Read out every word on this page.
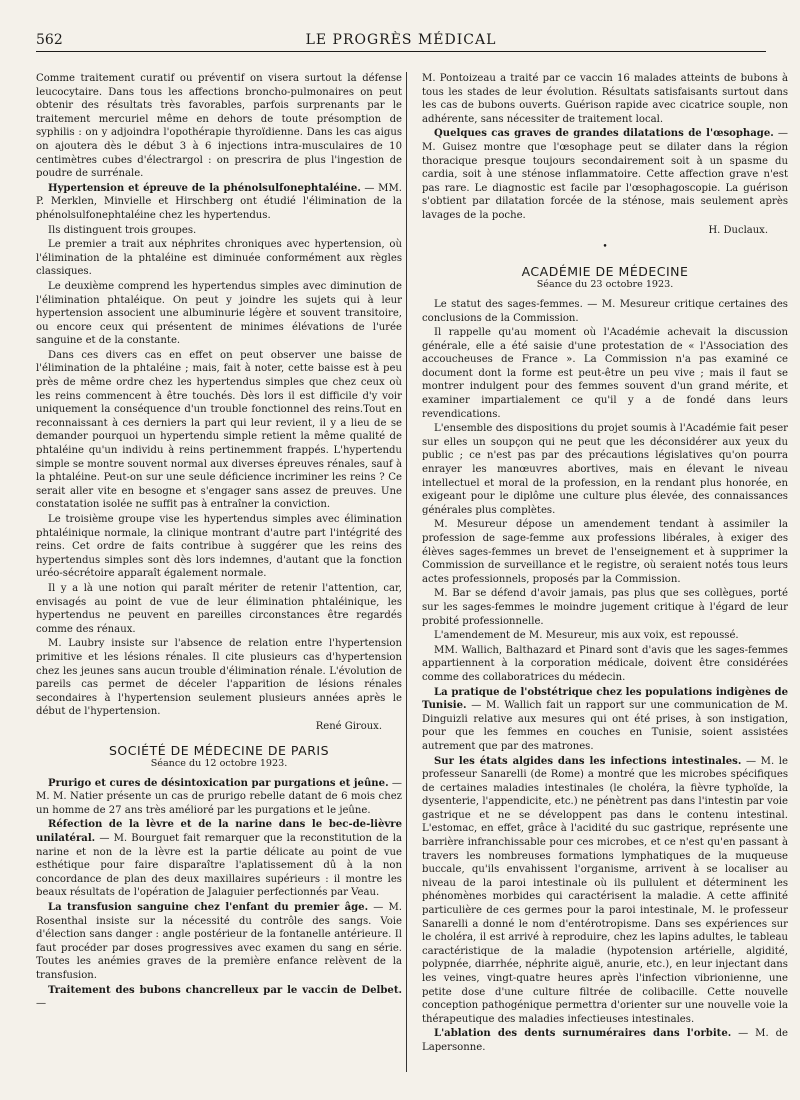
562	LE PROGRÈS MÉDICAL

Comme traitement curatif ou préventif on visera surtout la défense leucocytaire. Dans tous les affections broncho-pulmonaires on peut obtenir des résultats très favorables, parfois surprenants par le traitement mercuriel même en dehors de toute présomption de syphilis : on y adjoindra l'opothérapie thyroïdienne. Dans les cas aigus on ajoutera dès le début 3 à 6 injections intra-musculaires de 10 centimètres cubes d'électrargol : on prescrira de plus l'ingestion de poudre de surrénale.

Hypertension et épreuve de la phénolsulfonephtaléine. — MM. P. Merklen, Minvielle et Hirschberg ont étudié l'élimination de la phénolsulfonephtaléine chez les hypertendus.

Ils distinguent trois groupes.

Le premier a trait aux néphrites chroniques avec hypertension, où l'élimination de la phtaléine est diminuée conformément aux règles classiques.

Le deuxième comprend les hypertendus simples avec diminution de l'élimination phtaléique. On peut y joindre les sujets qui à leur hypertension associent une albuminurie légère et souvent transitoire, ou encore ceux qui présentent de minimes élévations de l'urée sanguine et de la constante.

Dans ces divers cas en effet on peut observer une baisse de l'élimination de la phtaléine ; mais, fait à noter, cette baisse est à peu près de même ordre chez les hypertendus simples que chez ceux où les reins commencent à être touchés. Dès lors il est difficile d'y voir uniquement la conséquence d'un trouble fonctionnel des reins.Tout en reconnaissant à ces derniers la part qui leur revient, il y a lieu de se demander pourquoi un hypertendu simple retient la même qualité de phtaléine qu'un individu à reins pertinemment frappés. L'hypertendu simple se montre souvent normal aux diverses épreuves rénales, sauf à la phtaléine. Peut-on sur une seule déficience incriminer les reins ? Ce serait aller vite en besogne et s'engager sans assez de preuves. Une constatation isolée ne suffit pas à entraîner la conviction.

Le troisième groupe vise les hypertendus simples avec élimination phtaléinique normale, la clinique montrant d'autre part l'intégrité des reins. Cet ordre de faits contribue à suggérer que les reins des hypertendus simples sont dès lors indemnes, d'autant que la fonction uréo-sécrétoire apparaît également normale.

Il y a là une notion qui paraît mériter de retenir l'attention, car, envisagés au point de vue de leur élimination phtaléinique, les hypertendus ne peuvent en pareilles circonstances être regardés comme des rénaux.

M. Laubry insiste sur l'absence de relation entre l'hypertension primitive et les lésions rénales. Il cite plusieurs cas d'hypertension chez les jeunes sans aucun trouble d'élimination rénale. L'évolution de pareils cas permet de déceler l'apparition de lésions rénales secondaires à l'hypertension seulement plusieurs années après le début de l'hypertension.

René Giroux.
SOCIÉTÉ DE MÉDECINE DE PARIS
Séance du 12 octobre 1923.

Prurigo et cures de désintoxication par purgations et jeûne. — M. M. Natier présente un cas de prurigo rebelle datant de 6 mois chez un homme de 27 ans très amélioré par les purgations et le jeûne.

Réfection de la lèvre et de la narine dans le bec-de-lièvre unilatéral. — M. Bourguet fait remarquer que la reconstitution de la narine et non de la lèvre est la partie délicate au point de vue esthétique pour faire disparaître l'aplatissement dû à la non concordance de plan des deux maxillaires supérieurs : il montre les beaux résultats de l'opération de Jalaguier perfectionnés par Veau.

La transfusion sanguine chez l'enfant du premier âge. — M. Rosenthal insiste sur la nécessité du contrôle des sangs. Voie d'élection sans danger : angle postérieur de la fontanelle antérieure. Il faut procéder par doses progressives avec examen du sang en série. Toutes les anémies graves de la première enfance relèvent de la transfusion.

Traitement des bubons chancrelleux par le vaccin de Delbet. —

M. Pontoizeau a traité par ce vaccin 16 malades atteints de bubons à tous les stades de leur évolution. Résultats satisfaisants surtout dans les cas de bubons ouverts. Guérison rapide avec cicatrice souple, non adhérente, sans nécessiter de traitement local.

Quelques cas graves de grandes dilatations de l'œsophage. — M. Guisez montre que l'œsophage peut se dilater dans la région thoracique presque toujours secondairement soit à un spasme du cardia, soit à une sténose inflammatoire. Cette affection grave n'est pas rare. Le diagnostic est facile par l'œsophagoscopie. La guérison s'obtient par dilatation forcée de la sténose, mais seulement après lavages de la poche.

H. Duclaux.
•
ACADÉMIE DE MÉDECINE
Séance du 23 octobre 1923.

Le statut des sages-femmes. — M. Mesureur critique certaines des conclusions de la Commission.

Il rappelle qu'au moment où l'Académie achevait la discussion générale, elle a été saisie d'une protestation de « l'Association des accoucheuses de France ». La Commission n'a pas examiné ce document dont la forme est peut-être un peu vive ; mais il faut se montrer indulgent pour des femmes souvent d'un grand mérite, et examiner impartialement ce qu'il y a de fondé dans leurs revendications.

L'ensemble des dispositions du projet soumis à l'Académie fait peser sur elles un soupçon qui ne peut que les déconsidérer aux yeux du public ; ce n'est pas par des précautions législatives qu'on pourra enrayer les manœuvres abortives, mais en élevant le niveau intellectuel et moral de la profession, en la rendant plus honorée, en exigeant pour le diplôme une culture plus élevée, des connaissances générales plus complètes.

M. Mesureur dépose un amendement tendant à assimiler la profession de sage-femme aux professions libérales, à exiger des élèves sages-femmes un brevet de l'enseignement et à supprimer la Commission de surveillance et le registre, où seraient notés tous leurs actes professionnels, proposés par la Commission.

M. Bar se défend d'avoir jamais, pas plus que ses collègues, porté sur les sages-femmes le moindre jugement critique à l'égard de leur probité professionnelle.

L'amendement de M. Mesureur, mis aux voix, est repoussé.

MM. Wallich, Balthazard et Pinard sont d'avis que les sages-femmes appartiennent à la corporation médicale, doivent être considérées comme des collaboratrices du médecin.

La pratique de l'obstétrique chez les populations indigènes de Tunisie. — M. Wallich fait un rapport sur une communication de M. Dinguizli relative aux mesures qui ont été prises, à son instigation, pour que les femmes en couches en Tunisie, soient assistées autrement que par des matrones.

Sur les états algides dans les infections intestinales. — M. le professeur Sanarelli (de Rome) a montré que les microbes spécifiques de certaines maladies intestinales (le choléra, la fièvre typhoïde, la dysenterie, l'appendicite, etc.) ne pénètrent pas dans l'intestin par voie gastrique et ne se développent pas dans le contenu intestinal. L'estomac, en effet, grâce à l'acidité du suc gastrique, représente une barrière infranchissable pour ces microbes, et ce n'est qu'en passant à travers les nombreuses formations lymphatiques de la muqueuse buccale, qu'ils envahissent l'organisme, arrivent à se localiser au niveau de la paroi intestinale où ils pullulent et déterminent les phénomènes morbides qui caractérisent la maladie. A cette affinité particulière de ces germes pour la paroi intestinale, M. le professeur Sanarelli a donné le nom d'entérotropisme. Dans ses expériences sur le choléra, il est arrivé à reproduire, chez les lapins adultes, le tableau caractéristique de la maladie (hypotension artérielle, algidité, polypnée, diarrhée, néphrite aiguë, anurie, etc.), en leur injectant dans les veines, vingt-quatre heures après l'infection vibrionienne, une petite dose d'une culture filtrée de colibacille. Cette nouvelle conception pathogénique permettra d'orienter sur une nouvelle voie la thérapeutique des maladies infectieuses intestinales.

L'ablation des dents surnuméraires dans l'orbite. — M. de Lapersonne.
